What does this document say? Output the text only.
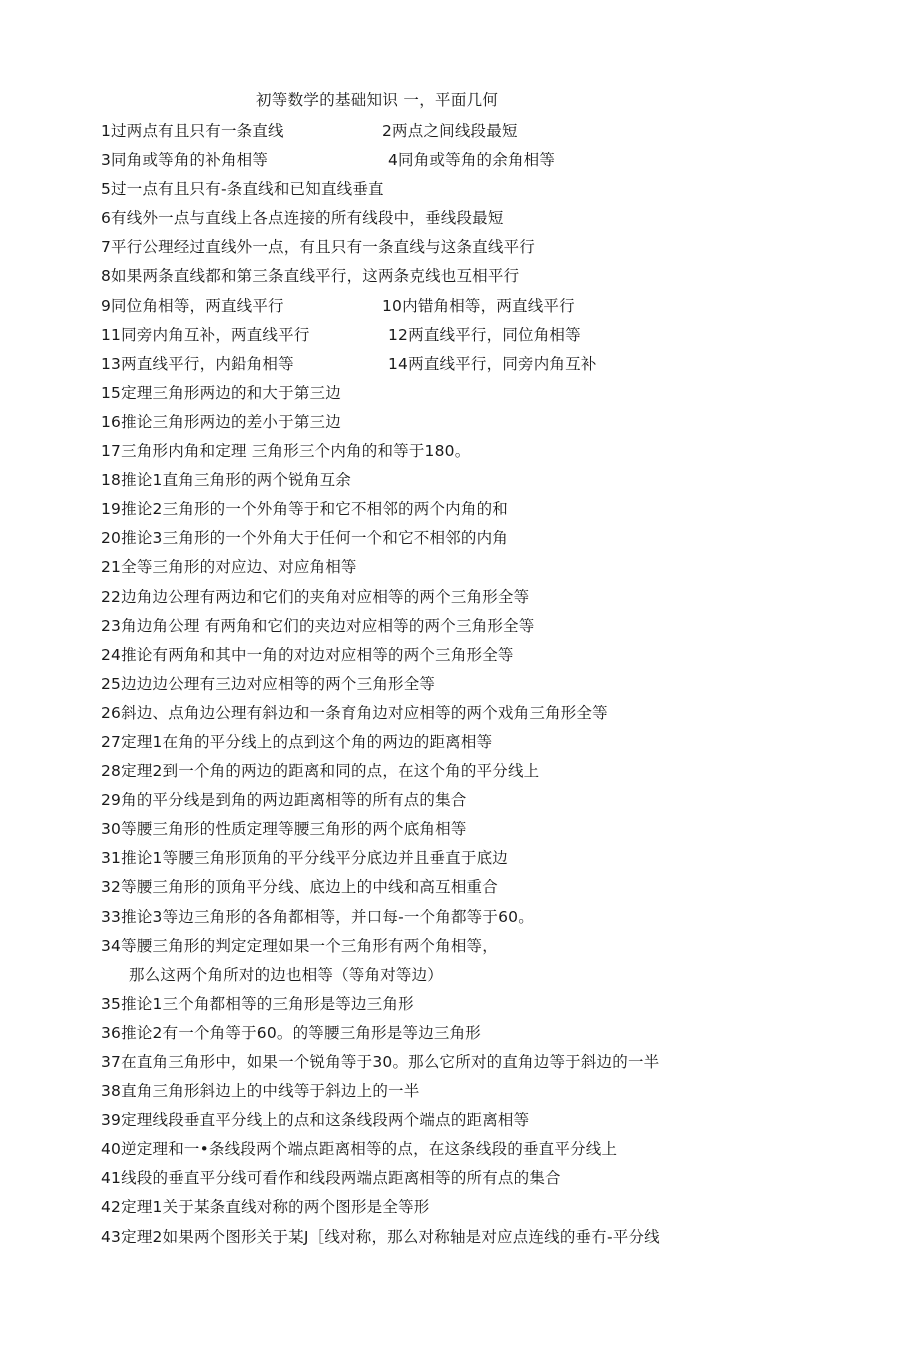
初等数学的基础知识 一，平面几何
1过两点有且只有一条直线	2两点之间线段最短
3同角或等角的补角相等	4同角或等角的余角相等
5过一点有且只有-条直线和已知直线垂直
6有线外一点与直线上各点连接的所有线段中，垂线段最短
7平行公理经过直线外一点，有且只有一条直线与这条直线平行
8如果两条直线都和第三条直线平行，这两条克线也互相平行
9同位角相等，两直线平行	10内错角相等，两直线平行
11同旁内角互补，两直线平行	12两直线平行，同位角相等
13两直线平行，内鉛角相等	14两直线平行，同旁内角互补
15定理三角形两边的和大于第三边
16推论三角形两边的差小于第三边
17三角形内角和定理 三角形三个内角的和等于180。
18推论1直角三角形的两个锐角互余
19推论2三角形的一个外角等于和它不相邻的两个内角的和
20推论3三角形的一个外角大于任何一个和它不相邻的内角
21全等三角形的对应边、对应角相等
22边角边公理有两边和它们的夹角对应相等的两个三角形全等
23角边角公理 有两角和它们的夹边对应相等的两个三角形全等
24推论有两角和其中一角的对边对应相等的两个三角形全等
25边边边公理有三边对应相等的两个三角形全等
26斜边、点角边公理有斜边和一条育角边对应相等的两个戏角三角形全等
27定理1在角的平分线上的点到这个角的两边的距离相等
28定理2到一个角的两边的距离和同的点，在这个角的平分线上
29角的平分线是到角的两边距离相等的所有点的集合
30等腰三角形的性质定理等腰三角形的两个底角相等
31推论1等腰三角形顶角的平分线平分底边并且垂直于底边
32等腰三角形的顶角平分线、底边上的中线和高互相重合
33推论3等边三角形的各角都相等，并口每-一个角都等于60。
34等腰三角形的判定定理如果一个三角形有两个角相等，
那么这两个角所对的边也相等（等角对等边）
35推论1三个角都相等的三角形是等边三角形
36推论2有一个角等于60。的等腰三角形是等边三角形
37在直角三角形中，如果一个锐角等于30。那么它所对的直角边等于斜边的一半
38直角三角形斜边上的中线等于斜边上的一半
39定理线段垂直平分线上的点和这条线段两个端点的距离相等
40逆定理和一•条线段两个端点距离相等的点，在这条线段的垂直平分线上
41线段的垂直平分线可看作和线段两端点距离相等的所有点的集合
42定理1关于某条直线对称的两个图形是全等形
43定理2如果两个图形关于某J［线对称，那么对称轴是对应点连线的垂冇-平分线
